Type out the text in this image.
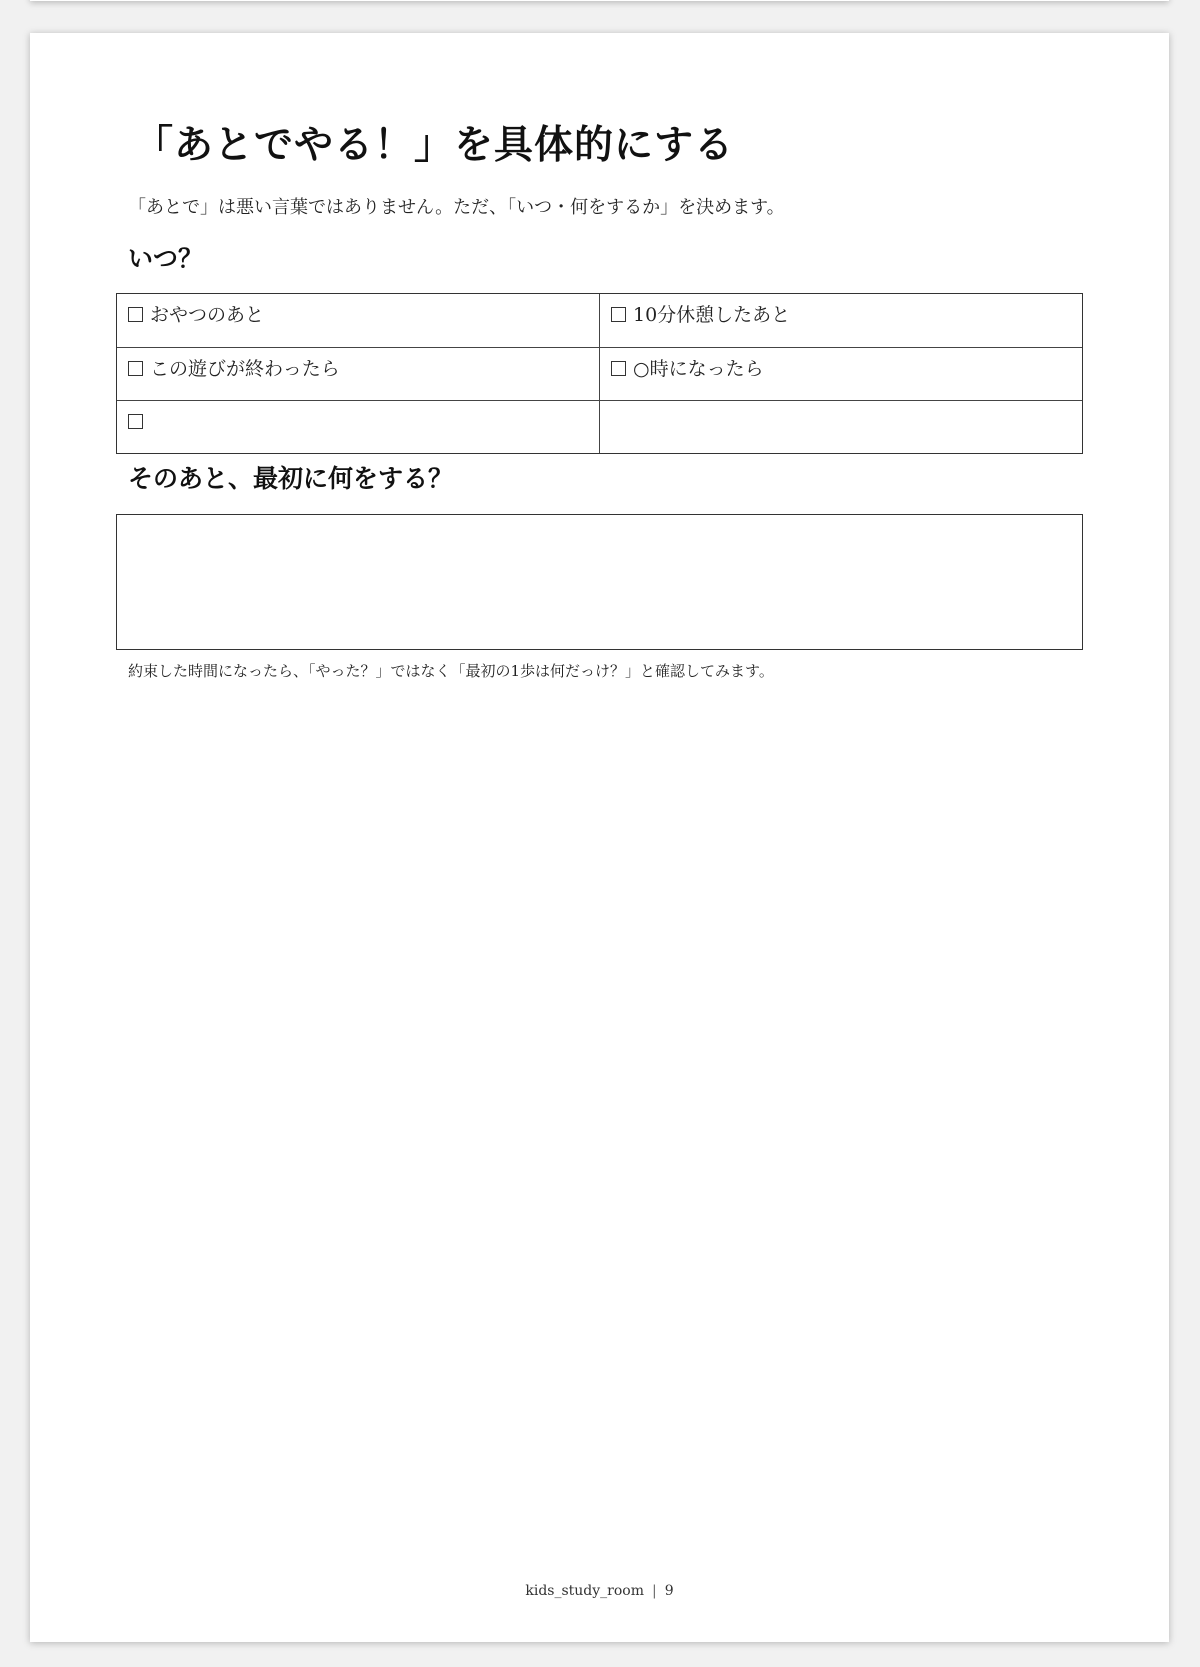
「あとでやる！」を具体的にする

「あとで」は悪い言葉ではありません。ただ、「いつ・何をするか」を決めます。

いつ？
おやつのあと	10分休憩したあと
この遊びが終わったら	○時になったら
そのあと、最初に何をする？

約束した時間になったら、「やった？」ではなく「最初の1歩は何だっけ？」と確認してみます。

kids_study_room | 9
